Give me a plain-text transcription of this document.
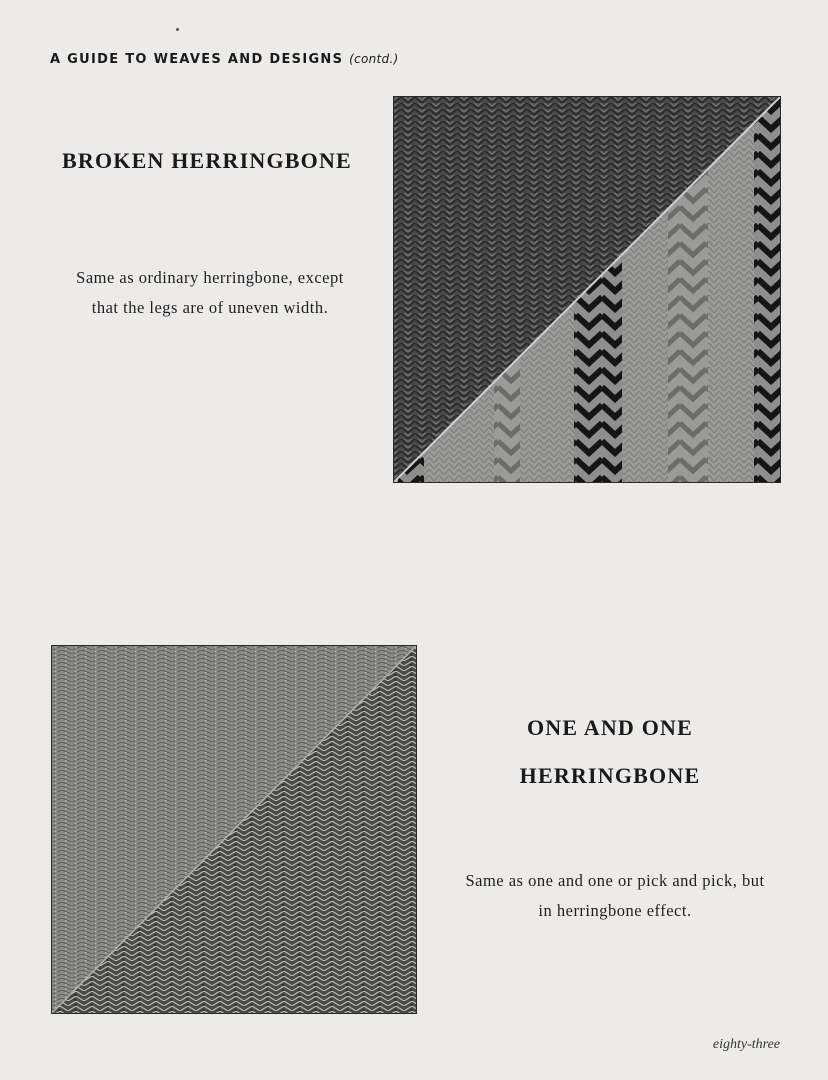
A GUIDE TO WEAVES AND DESIGNS (contd.)
BROKEN HERRINGBONE
Same as ordinary herringbone, except
that the legs are of uneven width.
ONE AND ONE
HERRINGBONE
Same as one and one or pick and pick, but
in herringbone effect.
eighty-three
